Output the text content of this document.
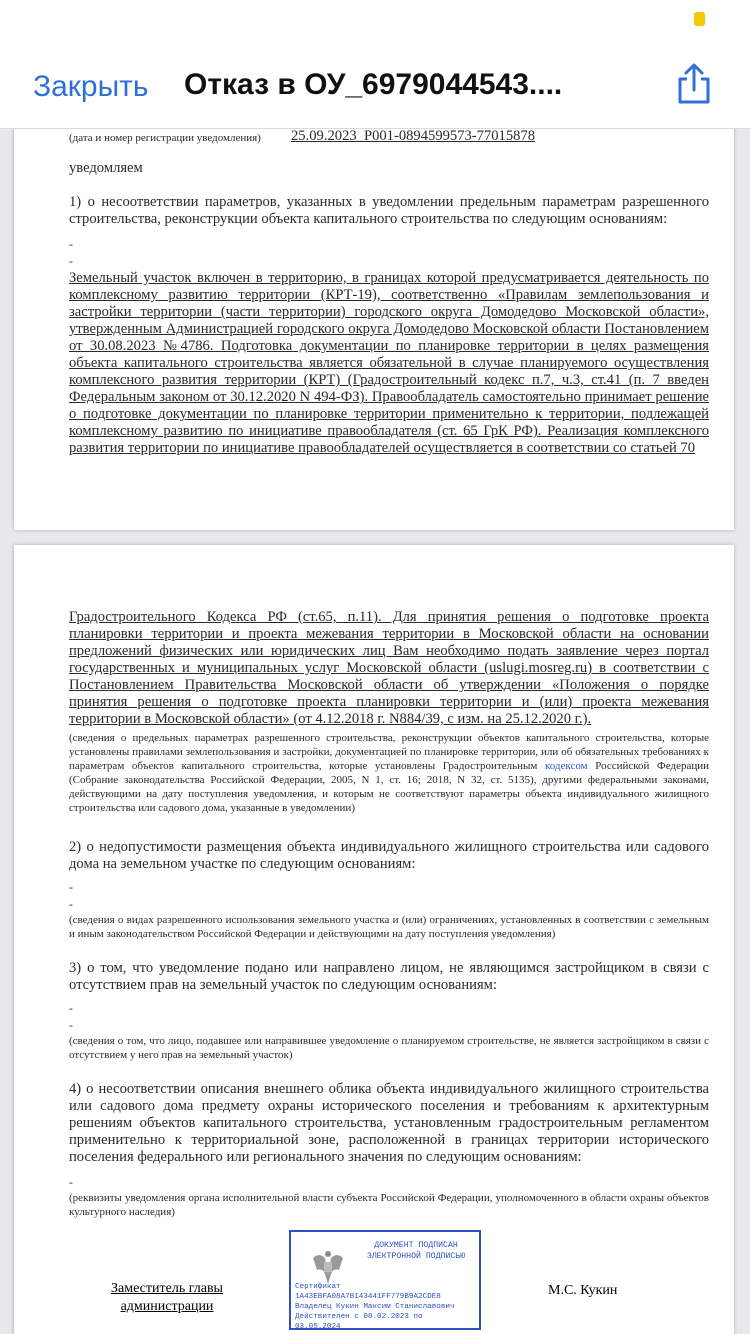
Закрыть Отказ в ОУ_6979044543....
(дата и номер регистрации уведомления) 25.09.2023_Р001-0894599573-77015878
уведомляем
1) о несоответствии параметров, указанных в уведомлении предельным параметрам разрешенного строительства, реконструкции объекта капитального строительства по следующим основаниям:
-
-
Земельный участок включен в территорию, в границах которой предусматривается деятельность по комплексному развитию территории (КРТ-19), соответственно «Правилам землепользования и застройки территории (части территории) городского округа Домодедово Московской области», утвержденным Администрацией городского округа Домодедово Московской области Постановлением от 30.08.2023 №4786. Подготовка документации по планировке территории в целях размещения объекта капитального строительства является обязательной в случае планируемого осуществления комплексного развития территории (КРТ) (Градостроительный кодекс п.7, ч.3, ст.41 (п. 7 введен Федеральным законом от 30.12.2020 N 494-ФЗ). Правообладатель самостоятельно принимает решение о подготовке документации по планировке территории применительно к территории, подлежащей комплексному развитию по инициативе правообладателя (ст. 65 ГрК РФ). Реализация комплексного развития территории по инициативе правообладателей осуществляется в соответствии со статьей 70
Градостроительного Кодекса РФ (ст.65, п.11). Для принятия решения о подготовке проекта планировки территории и проекта межевания территории в Московской области на основании предложений физических или юридических лиц Вам необходимо подать заявление через портал государственных и муниципальных услуг Московской области (uslugi.mosreg.ru) в соответствии с Постановлением Правительства Московской области об утверждении «Положения о порядке принятия решения о подготовке проекта планировки территории и (или) проекта межевания территории в Московской области» (от 4.12.2018 г. N884/39, с изм. на 25.12.2020 г.).
(сведения о предельных параметрах разрешенного строительства, реконструкции объектов капитального строительства, которые установлены правилами землепользования и застройки, документацией по планировке территории, или об обязательных требованиях к параметрам объектов капитального строительства, которые установлены Градостроительным кодексом Российской Федерации (Собрание законодательства Российской Федерации, 2005, N 1, ст. 16; 2018, N 32, ст. 5135), другими федеральными законами, действующими на дату поступления уведомления, и которым не соответствуют параметры объекта индивидуального жилищного строительства или садового дома, указанные в уведомлении)
2) о недопустимости размещения объекта индивидуального жилищного строительства или садового дома на земельном участке по следующим основаниям:
-
-
(сведения о видах разрешенного использования земельного участка и (или) ограничениях, установленных в соответствии с земельным и иным законодательством Российской Федерации и действующими на дату поступления уведомления)
3) о том, что уведомление подано или направлено лицом, не являющимся застройщиком в связи с отсутствием прав на земельный участок по следующим основаниям:
-
-
(сведения о том, что лицо, подавшее или направившее уведомление о планируемом строительстве, не является застройщиком в связи с отсутствием у него прав на земельный участок)
4) о несоответствии описания внешнего облика объекта индивидуального жилищного строительства или садового дома предмету охраны исторического поселения и требованиям к архитектурным решениям объектов капитального строительства, установленным градостроительным регламентом применительно к территориальной зоне, расположенной в границах территории исторического поселения федерального или регионального значения по следующим основаниям:
-
(реквизиты уведомления органа исполнительной власти субъекта Российской Федерации, уполномоченного в области охраны объектов культурного наследия)
Заместитель главы администрации
ДОКУМЕНТ ПОДПИСАН ЭЛЕКТРОННОЙ ПОДПИСЬЮ
Сертификат
1A43EBFA08A7B143441FF779B9A2CDE8
Владелец Кукин Максим Станиславович
Действителен с 08.02.2023 по
03.05.2024
М.С. Кукин
